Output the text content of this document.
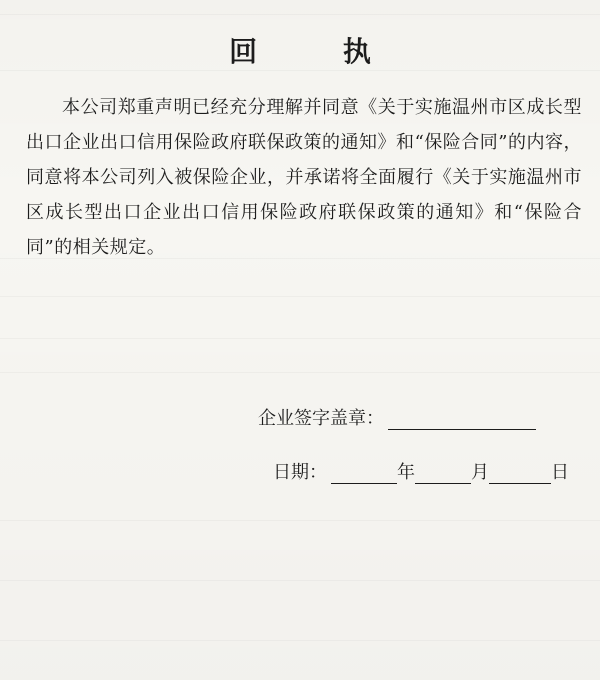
回 执
本公司郑重声明已经充分理解并同意《关于实施温州市区成长型出口企业出口信用保险政府联保政策的通知》和“保险合同”的内容，同意将本公司列入被保险企业，并承诺将全面履行《关于实施温州市区成长型出口企业出口信用保险政府联保政策的通知》和“保险合同”的相关规定。
企业签字盖章：
日期：	年	月	日
